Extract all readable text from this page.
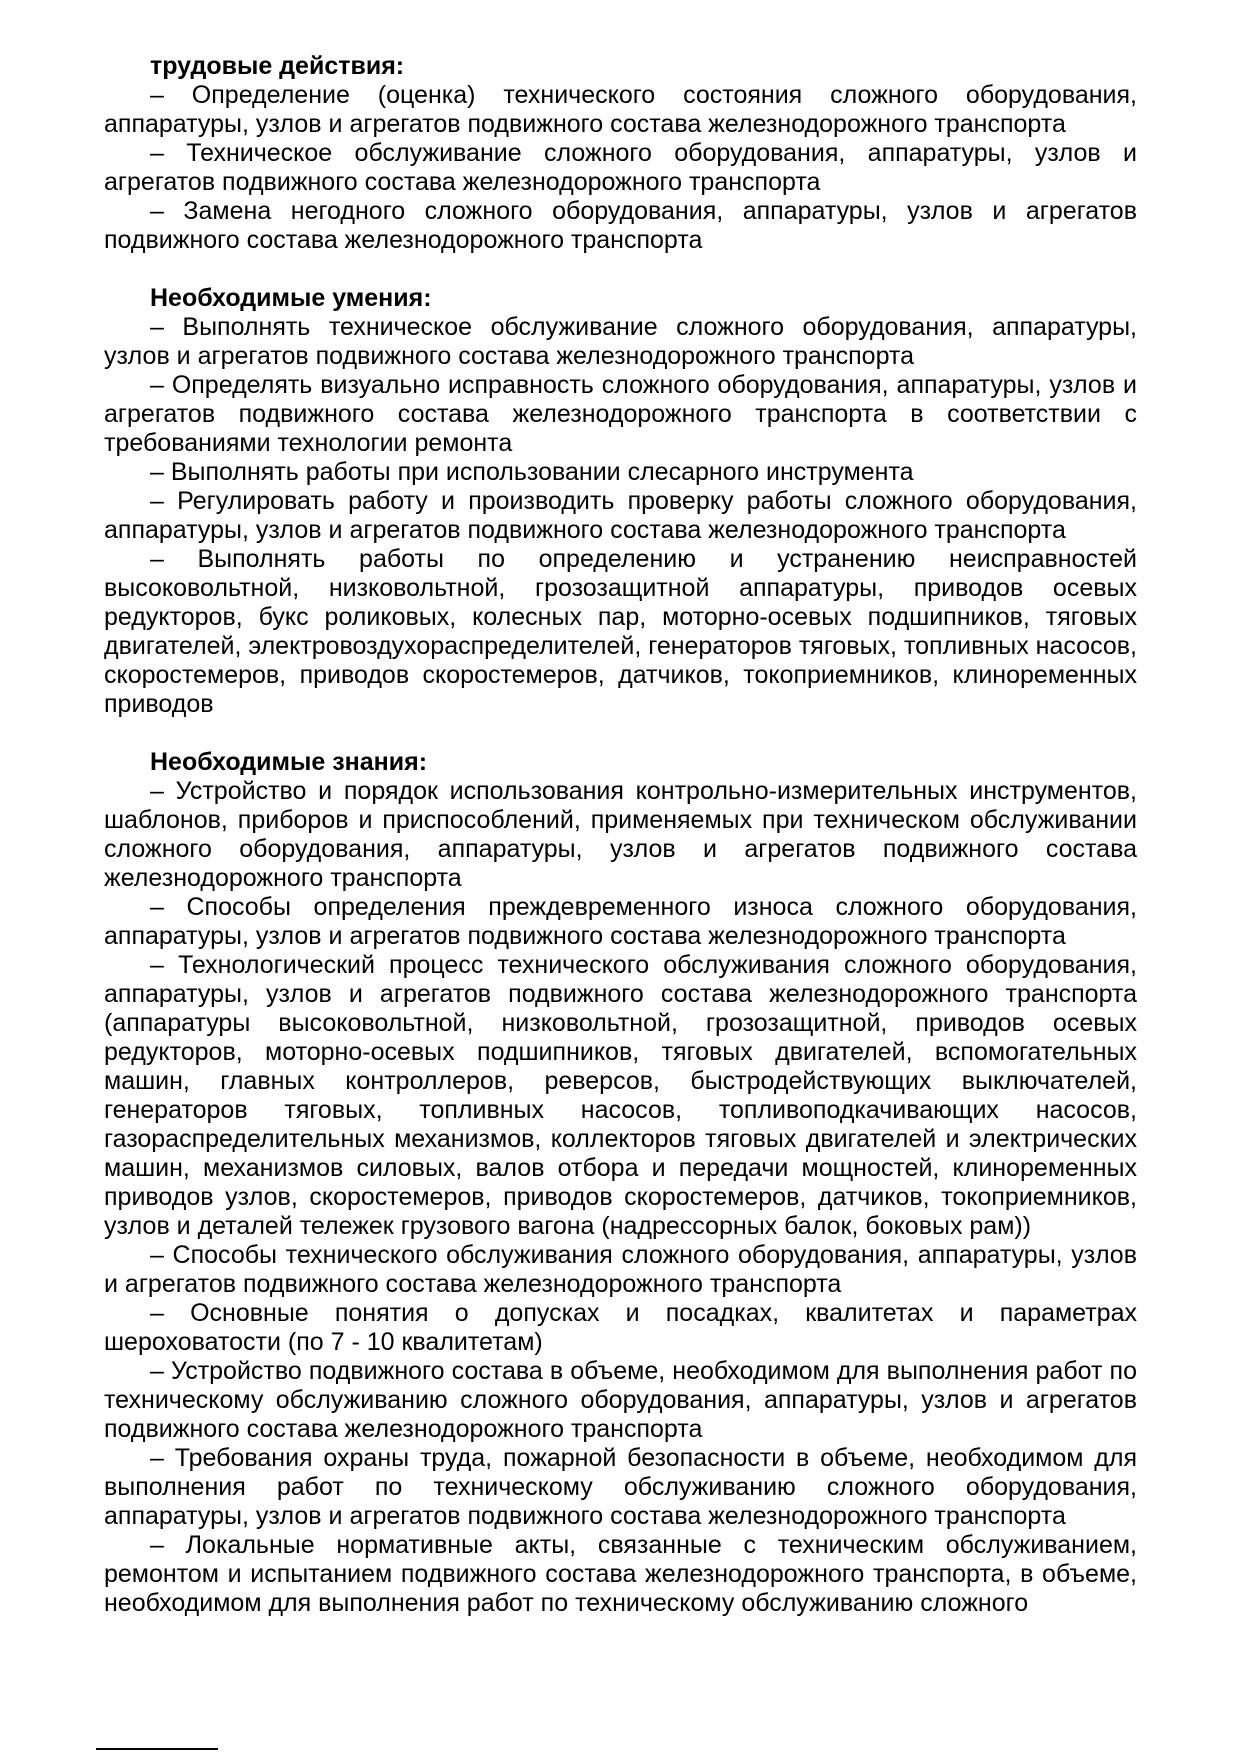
трудовые действия:

– Определение (оценка) технического состояния сложного оборудования, аппаратуры, узлов и агрегатов подвижного состава железнодорожного транспорта

– Техническое обслуживание сложного оборудования, аппаратуры, узлов и агрегатов подвижного состава железнодорожного транспорта

– Замена негодного сложного оборудования, аппаратуры, узлов и агрегатов подвижного состава железнодорожного транспорта

Необходимые умения:

– Выполнять техническое обслуживание сложного оборудования, аппаратуры, узлов и агрегатов подвижного состава железнодорожного транспорта

– Определять визуально исправность сложного оборудования, аппаратуры, узлов и агрегатов подвижного состава железнодорожного транспорта в соответствии с требованиями технологии ремонта

– Выполнять работы при использовании слесарного инструмента

– Регулировать работу и производить проверку работы сложного оборудования, аппаратуры, узлов и агрегатов подвижного состава железнодорожного транспорта

– Выполнять работы по определению и устранению неисправностей высоковольтной, низковольтной, грозозащитной аппаратуры, приводов осевых редукторов, букс роликовых, колесных пар, моторно-осевых подшипников, тяговых двигателей, электровоздухораспределителей, генераторов тяговых, топливных насосов, скоростемеров, приводов скоростемеров, датчиков, токоприемников, клиноременных приводов

Необходимые знания:

– Устройство и порядок использования контрольно-измерительных инструментов, шаблонов, приборов и приспособлений, применяемых при техническом обслуживании сложного оборудования, аппаратуры, узлов и агрегатов подвижного состава железнодорожного транспорта

– Способы определения преждевременного износа сложного оборудования, аппаратуры, узлов и агрегатов подвижного состава железнодорожного транспорта

– Технологический процесс технического обслуживания сложного оборудования, аппаратуры, узлов и агрегатов подвижного состава железнодорожного транспорта (аппаратуры высоковольтной, низковольтной, грозозащитной, приводов осевых редукторов, моторно-осевых подшипников, тяговых двигателей, вспомогательных машин, главных контроллеров, реверсов, быстродействующих выключателей, генераторов тяговых, топливных насосов, топливоподкачивающих насосов, газораспределительных механизмов, коллекторов тяговых двигателей и электрических машин, механизмов силовых, валов отбора и передачи мощностей, клиноременных приводов узлов, скоростемеров, приводов скоростемеров, датчиков, токоприемников, узлов и деталей тележек грузового вагона (надрессорных балок, боковых рам))

– Способы технического обслуживания сложного оборудования, аппаратуры, узлов и агрегатов подвижного состава железнодорожного транспорта

– Основные понятия о допусках и посадках, квалитетах и параметрах шероховатости (по 7 - 10 квалитетам)

– Устройство подвижного состава в объеме, необходимом для выполнения работ по техническому обслуживанию сложного оборудования, аппаратуры, узлов и агрегатов подвижного состава железнодорожного транспорта

– Требования охраны труда, пожарной безопасности в объеме, необходимом для выполнения работ по техническому обслуживанию сложного оборудования, аппаратуры, узлов и агрегатов подвижного состава железнодорожного транспорта

– Локальные нормативные акты, связанные с техническим обслуживанием, ремонтом и испытанием подвижного состава железнодорожного транспорта, в объеме, необходимом для выполнения работ по техническому обслуживанию сложного
